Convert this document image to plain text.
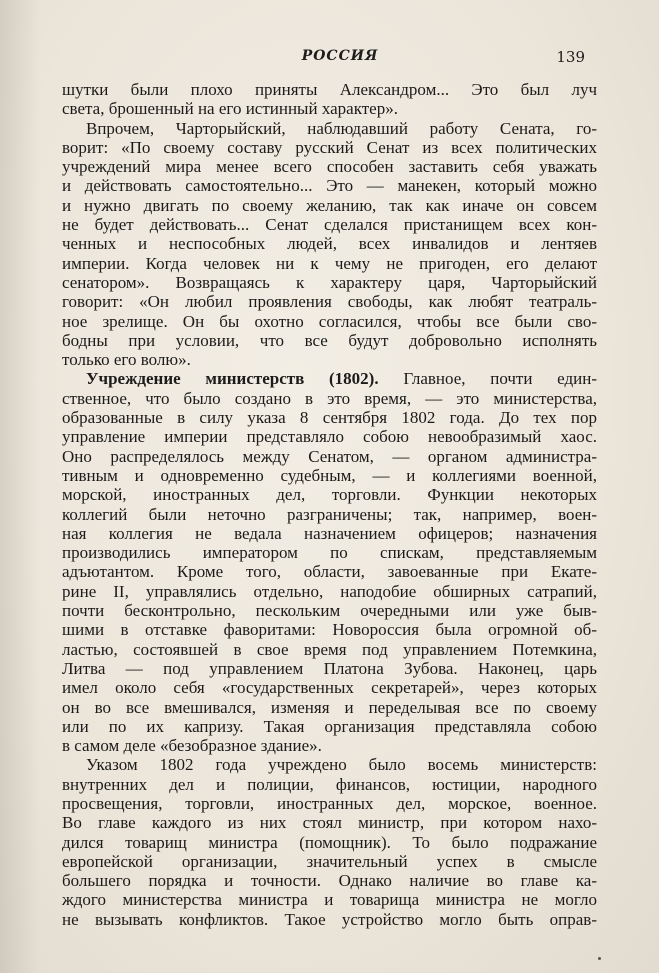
РОССИЯ	139

шутки были плохо приняты Александром... Это был луч

света, брошенный на его истинный характер».

Впрочем, Чарторыйский, наблюдавший работу Сената, го-

ворит: «По своему составу русский Сенат из всех политических

учреждений мира менее всего способен заставить себя уважать

и действовать самостоятельно... Это — манекен, который можно

и нужно двигать по своему желанию, так как иначе он совсем

не будет действовать... Сенат сделался пристанищем всех кон-

ченных и неспособных людей, всех инвалидов и лентяев

империи. Когда человек ни к чему не пригоден, его делают

сенатором». Возвращаясь к характеру царя, Чарторыйский

говорит: «Он любил проявления свободы, как любят театраль-

ное зрелище. Он бы охотно согласился, чтобы все были сво-

бодны при условии, что все будут добровольно исполнять

только его волю».

Учреждение министерств (1802). Главное, почти един-

ственное, что было создано в это время, — это министерства,

образованные в силу указа 8 сентября 1802 года. До тех пор

управление империи представляло собою невообразимый хаос.

Оно распределялось между Сенатом, — органом администра-

тивным и одновременно судебным, — и коллегиями военной,

морской, иностранных дел, торговли. Функции некоторых

коллегий были неточно разграничены; так, например, воен-

ная коллегия не ведала назначением офицеров; назначения

производились императором по спискам, представляемым

адъютантом. Кроме того, области, завоеванные при Екате-

рине II, управлялись отдельно, наподобие обширных сатрапий,

почти бесконтрольно, пескольким очередными или уже быв-

шими в отставке фаворитами: Новороссия была огромной об-

ластью, состоявшей в свое время под управлением Потемкина,

Литва — под управлением Платона Зубова. Наконец, царь

имел около себя «государственных секретарей», через которых

он во все вмешивался, изменяя и переделывая все по своему

или по их капризу. Такая организация представляла собою

в самом деле «безобразное здание».

Указом 1802 года учреждено было восемь министерств:

внутренних дел и полиции, финансов, юстиции, народного

просвещения, торговли, иностранных дел, морское, военное.

Во главе каждого из них стоял министр, при котором нахо-

дился товарищ министра (помощник). То было подражание

европейской организации, значительный успех в смысле

большего порядка и точности. Однако наличие во главе ка-

ждого министерства министра и товарища министра не могло

не вызывать конфликтов. Такое устройство могло быть оправ-
